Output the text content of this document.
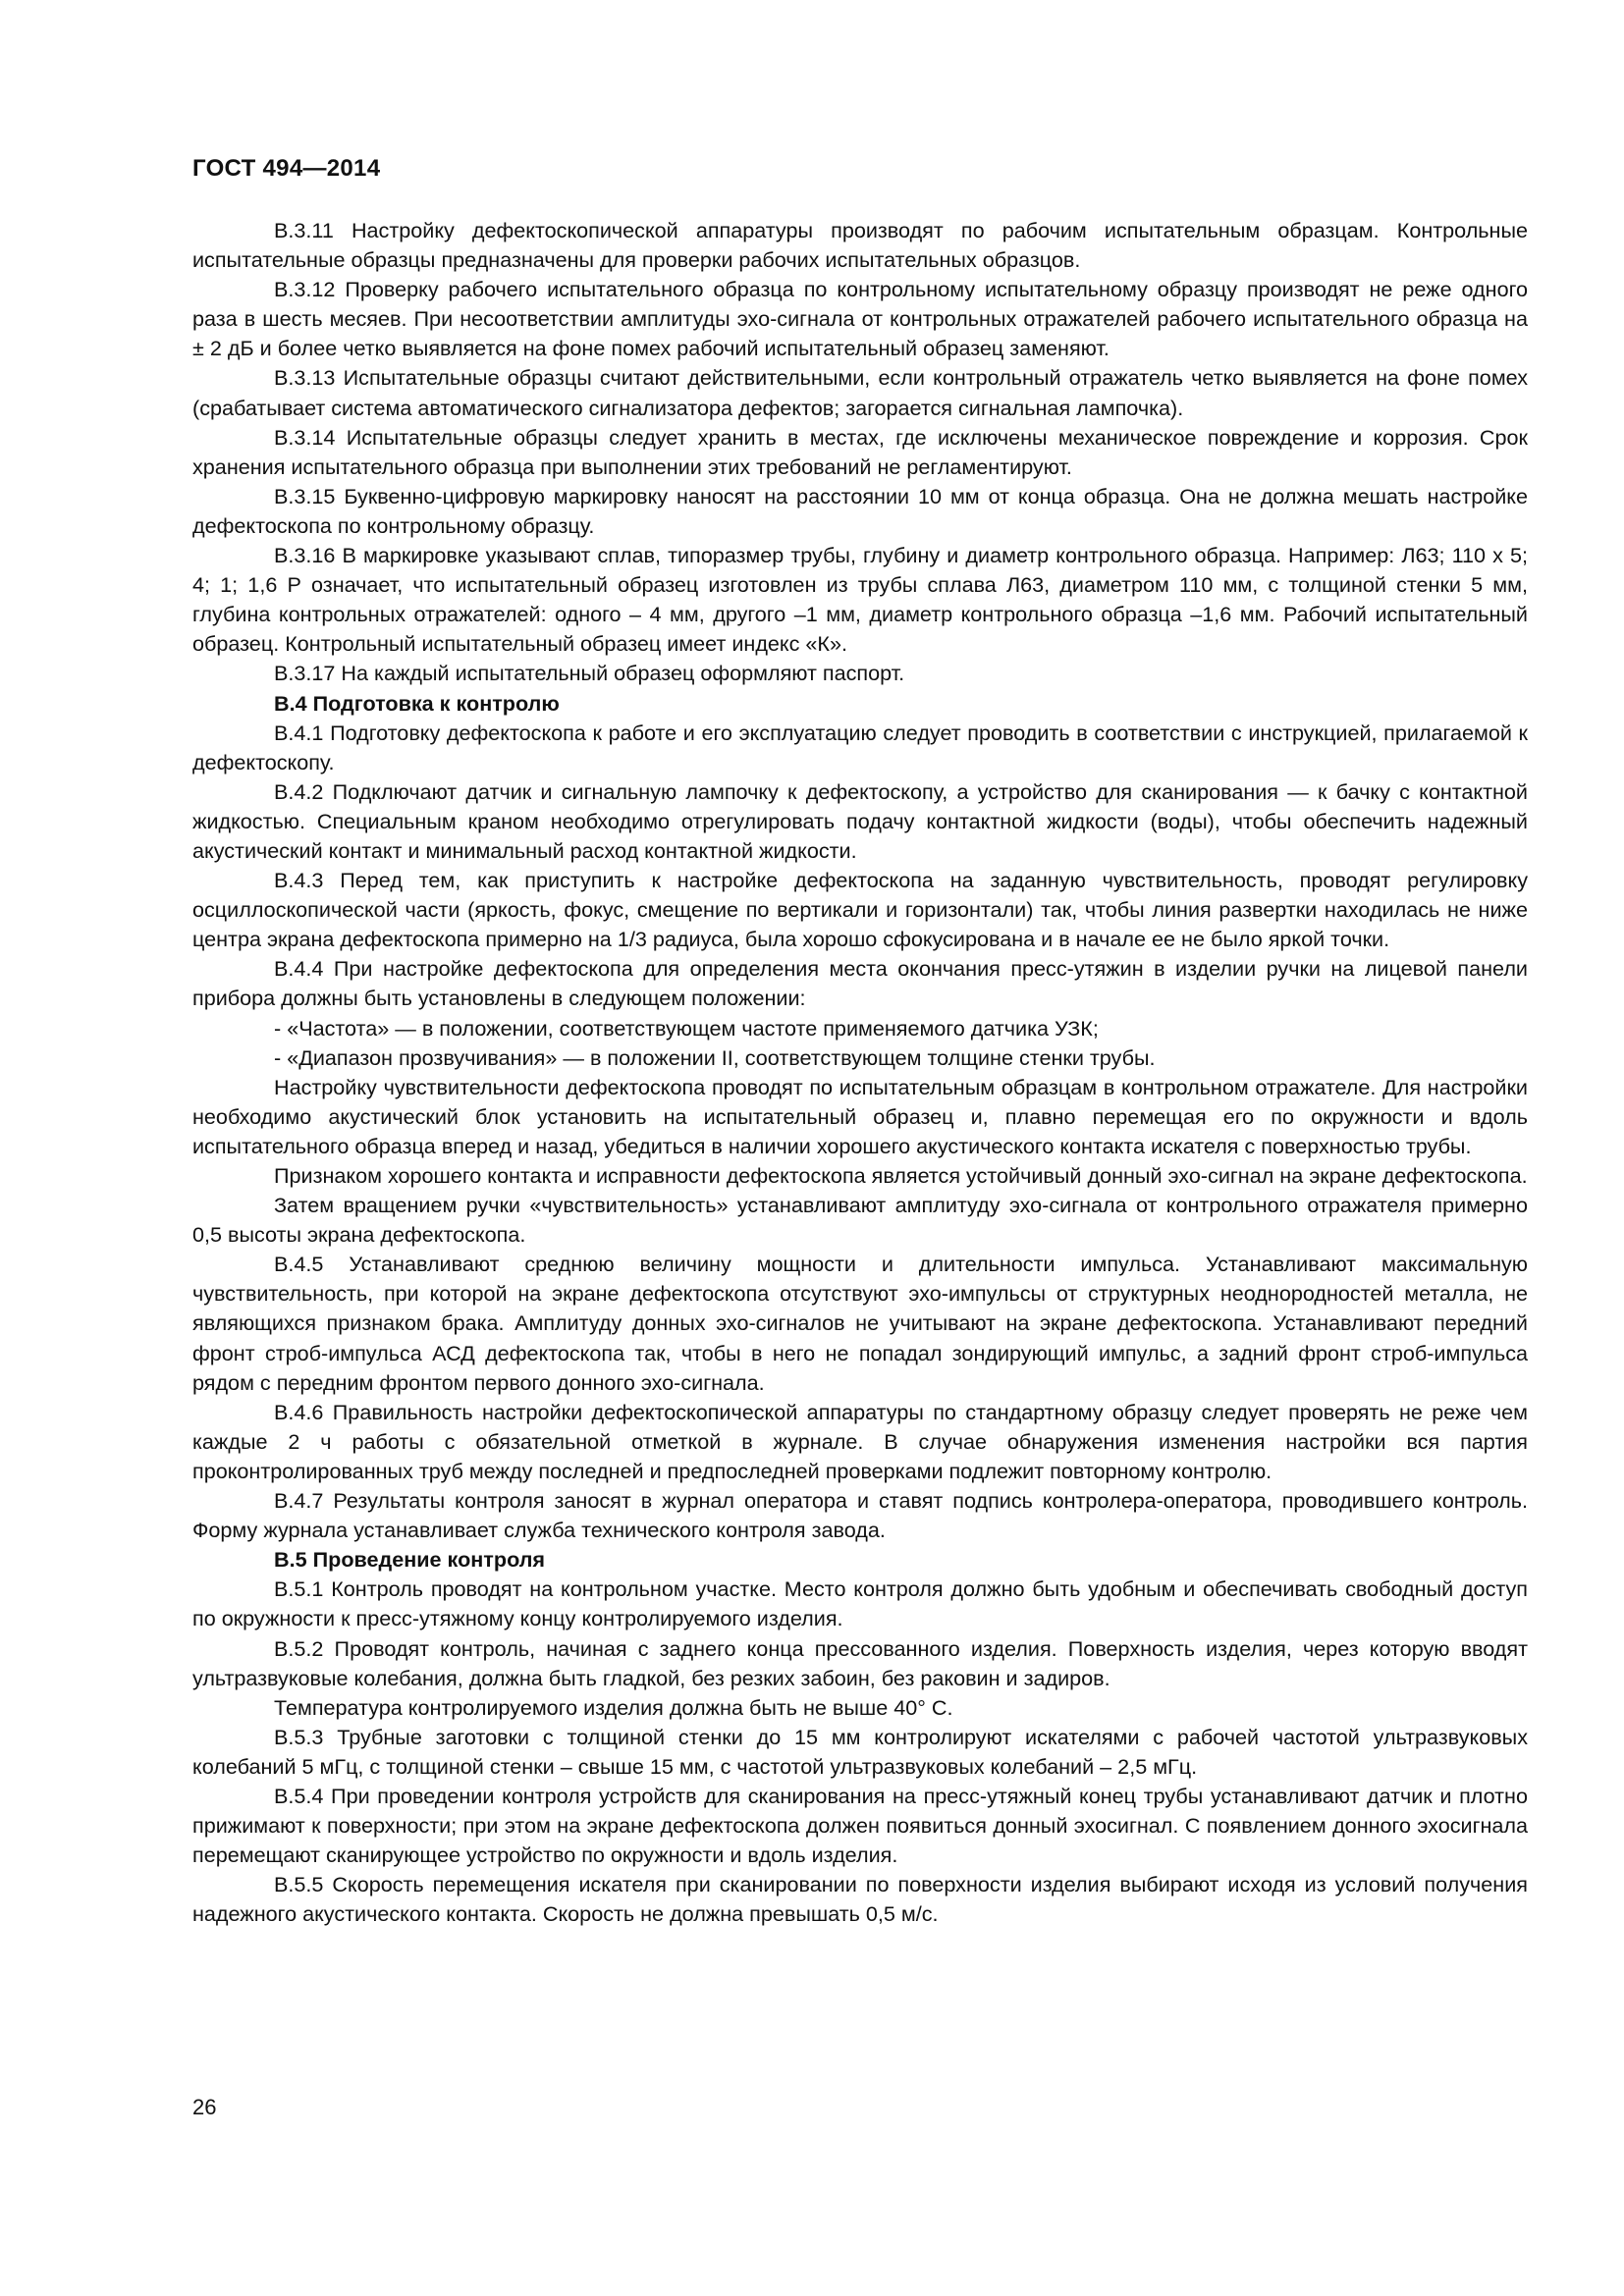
ГОСТ 494—2014

В.3.11 Настройку дефектоскопической аппаратуры производят по рабочим испытательным образцам. Контрольные испытательные образцы предназначены для проверки рабочих испытательных образцов.

В.3.12 Проверку рабочего испытательного образца по контрольному испытательному образцу производят не реже одного раза в шесть месяев. При несоответствии амплитуды эхо-сигнала от контрольных отражателей рабочего испытательного образца на ± 2 дБ и более четко выявляется на фоне помех рабочий испытательный образец заменяют.

В.3.13 Испытательные образцы считают действительными, если контрольный отражатель четко выявляется на фоне помех (срабатывает система автоматического сигнализатора дефектов; загорается сигнальная лампочка).

В.3.14 Испытательные образцы следует хранить в местах, где исключены механическое повреждение и коррозия. Срок хранения испытательного образца при выполнении этих требований не регламентируют.

В.3.15 Буквенно-цифровую маркировку наносят на расстоянии 10 мм от конца образца. Она не должна мешать настройке дефектоскопа по контрольному образцу.

В.3.16 В маркировке указывают сплав, типоразмер трубы, глубину и диаметр контрольного образца. Например: Л63; 110 х 5; 4; 1; 1,6 Р означает, что испытательный образец изготовлен из трубы сплава Л63, диаметром 110 мм, с толщиной стенки 5 мм, глубина контрольных отражателей: одного – 4 мм, другого –1 мм, диаметр контрольного образца –1,6 мм. Рабочий испытательный образец. Контрольный испытательный образец имеет индекс «К».

В.3.17 На каждый испытательный образец оформляют паспорт.

В.4 Подготовка к контролю

В.4.1 Подготовку дефектоскопа к работе и его эксплуатацию следует проводить в соответствии с инструкцией, прилагаемой к дефектоскопу.

В.4.2 Подключают датчик и сигнальную лампочку к дефектоскопу, а устройство для сканирования — к бачку с контактной жидкостью. Специальным краном необходимо отрегулировать подачу контактной жидкости (воды), чтобы обеспечить надежный акустический контакт и минимальный расход контактной жидкости.

В.4.3 Перед тем, как приступить к настройке дефектоскопа на заданную чувствительность, проводят регулировку осциллоскопической части (яркость, фокус, смещение по вертикали и горизонтали) так, чтобы линия развертки находилась не ниже центра экрана дефектоскопа примерно на 1/3 радиуса, была хорошо сфокусирована и в начале ее не было яркой точки.

В.4.4 При настройке дефектоскопа для определения места окончания пресс-утяжин в изделии ручки на лицевой панели прибора должны быть установлены в следующем положении:

- «Частота» — в положении, соответствующем частоте применяемого датчика УЗК;

- «Диапазон прозвучивания» — в положении II, соответствующем толщине стенки трубы.

Настройку чувствительности дефектоскопа проводят по испытательным образцам в контрольном отражателе. Для настройки необходимо акустический блок установить на испытательный образец и, плавно перемещая его по окружности и вдоль испытательного образца вперед и назад, убедиться в наличии хорошего акустического контакта искателя с поверхностью трубы.

Признаком хорошего контакта и исправности дефектоскопа является устойчивый донный эхо-сигнал на экране дефектоскопа.

Затем вращением ручки «чувствительность» устанавливают амплитуду эхо-сигнала от контрольного отражателя примерно 0,5 высоты экрана дефектоскопа.

В.4.5 Устанавливают среднюю величину мощности и длительности импульса. Устанавливают максимальную чувствительность, при которой на экране дефектоскопа отсутствуют эхо-импульсы от структурных неоднородностей металла, не являющихся признаком брака. Амплитуду донных эхо-сигналов не учитывают на экране дефектоскопа. Устанавливают передний фронт строб-импульса АСД дефектоскопа так, чтобы в него не попадал зондирующий импульс, а задний фронт строб-импульса рядом с передним фронтом первого донного эхо-сигнала.

В.4.6 Правильность настройки дефектоскопической аппаратуры по стандартному образцу следует проверять не реже чем каждые 2 ч работы с обязательной отметкой в журнале. В случае обнаружения изменения настройки вся партия проконтролированных труб между последней и предпоследней проверками подлежит повторному контролю.

В.4.7 Результаты контроля заносят в журнал оператора и ставят подпись контролера-оператора, проводившего контроль. Форму журнала устанавливает служба технического контроля завода.

В.5 Проведение контроля

В.5.1 Контроль проводят на контрольном участке. Место контроля должно быть удобным и обеспечивать свободный доступ по окружности к пресс-утяжному концу контролируемого изделия.

В.5.2 Проводят контроль, начиная с заднего конца прессованного изделия. Поверхность изделия, через которую вводят ультразвуковые колебания, должна быть гладкой, без резких забоин, без раковин и задиров.

Температура контролируемого изделия должна быть не выше 40° С.

В.5.3 Трубные заготовки с толщиной стенки до 15 мм контролируют искателями с рабочей частотой ультразвуковых колебаний 5 мГц, с толщиной стенки – свыше 15 мм, с частотой ультразвуковых колебаний – 2,5 мГц.

В.5.4 При проведении контроля устройств для сканирования на пресс-утяжный конец трубы устанавливают датчик и плотно прижимают к поверхности; при этом на экране дефектоскопа должен появиться донный эхосигнал. С появлением донного эхосигнала перемещают сканирующее устройство по окружности и вдоль изделия.

В.5.5 Скорость перемещения искателя при сканировании по поверхности изделия выбирают исходя из условий получения надежного акустического контакта. Скорость не должна превышать 0,5 м/с.

26
